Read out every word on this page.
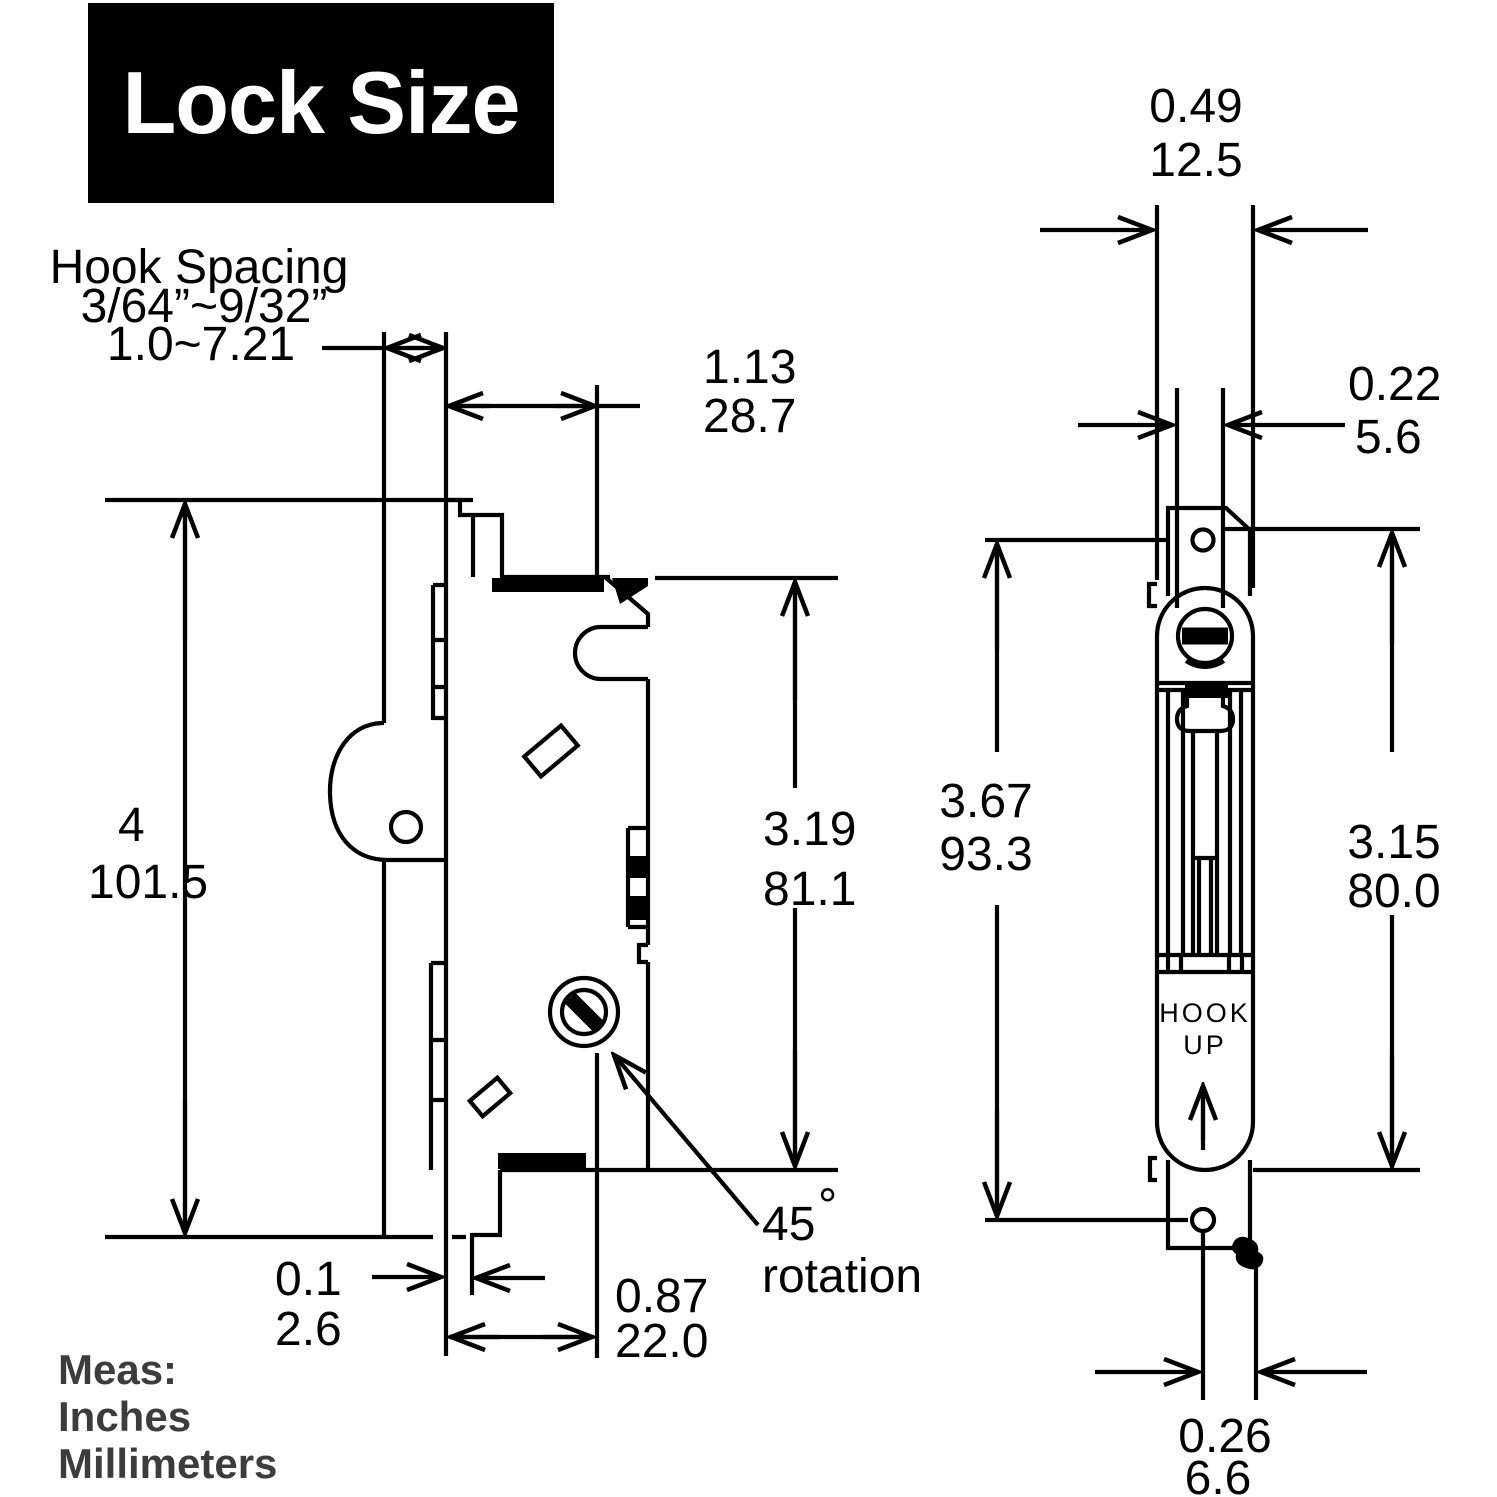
Lock Size
Meas:
Inches
Millimeters
Hook Spacing
3/64”~9/32”
1.0~7.21
4
101.5
1.13
28.7
3.19
81.1
0.1
2.6
0.87
22.0
45 °
rotation
HOOK
UP
0.49
12.5
0.22
5.6
3.67
93.3	3.15
80.0
0.26
6.6
